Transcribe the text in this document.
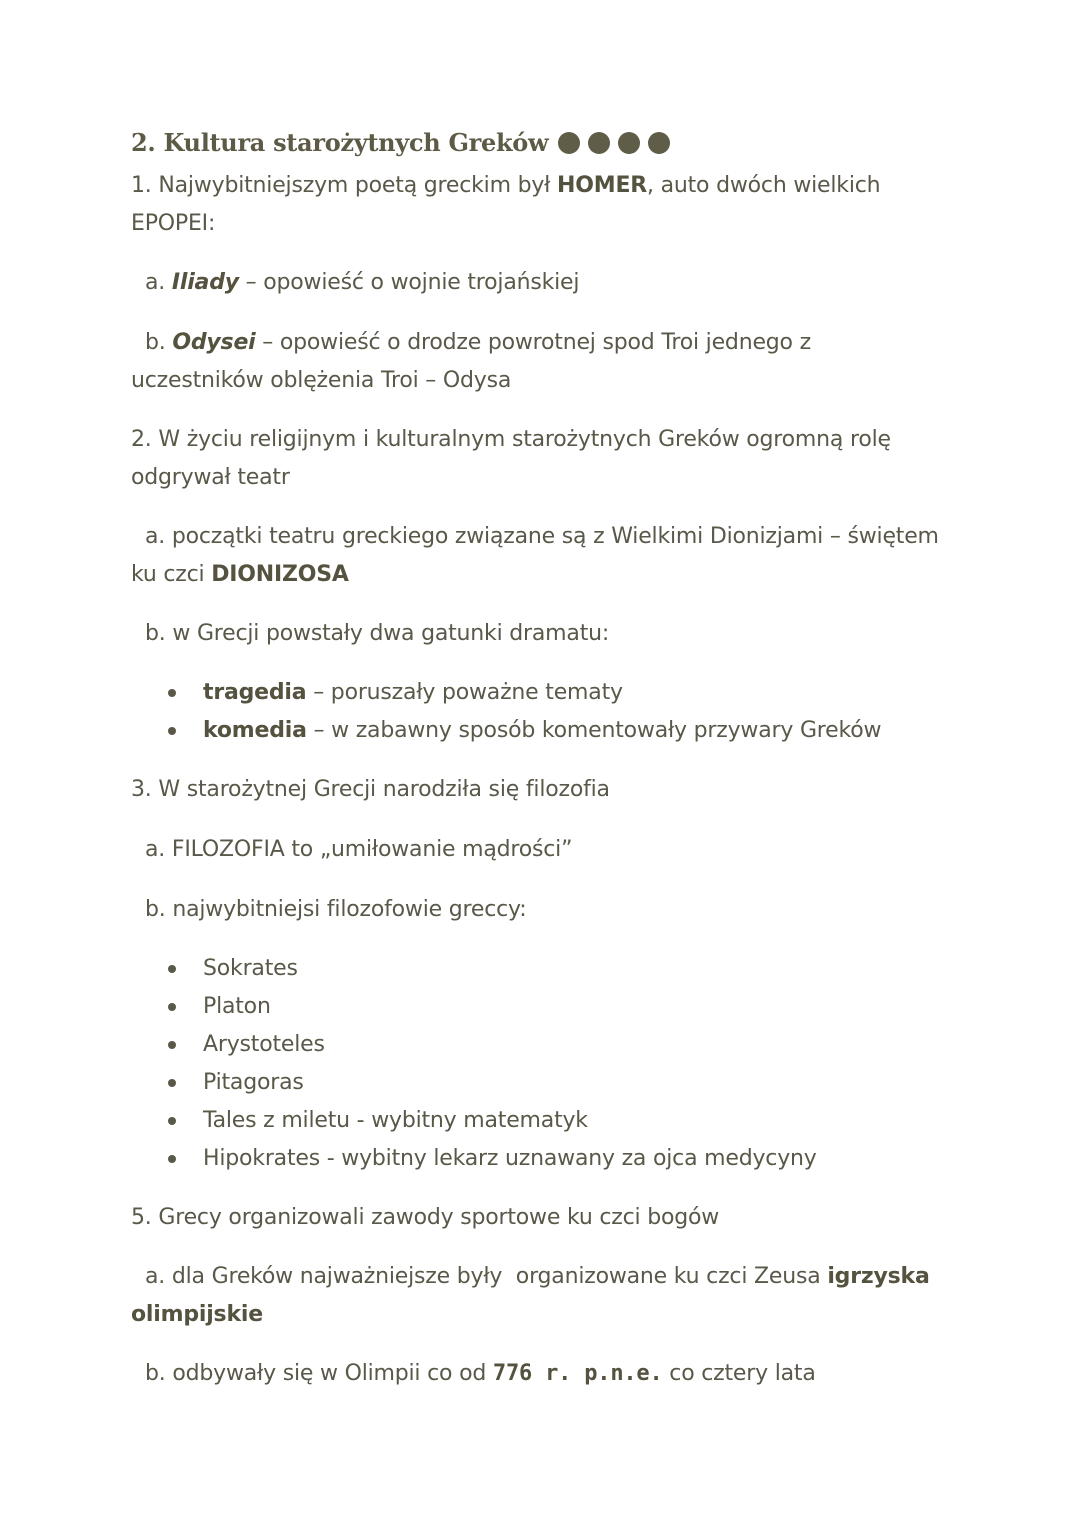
2. Kultura starożytnych Greków
1. Najwybitniejszym poetą greckim był HOMER, auto dwóch wielkich
EPOPEI:
a. Iliady – opowieść o wojnie trojańskiej
b. Odysei – opowieść o drodze powrotnej spod Troi jednego z
uczestników oblężenia Troi – Odysa
2. W życiu religijnym i kulturalnym starożytnych Greków ogromną rolę
odgrywał teatr
a. początki teatru greckiego związane są z Wielkimi Dionizjami – świętem
ku czci DIONIZOSA
b. w Grecji powstały dwa gatunki dramatu:
tragedia – poruszały poważne tematy
komedia – w zabawny sposób komentowały przywary Greków
3. W starożytnej Grecji narodziła się filozofia
a. FILOZOFIA to „umiłowanie mądrości”
b. najwybitniejsi filozofowie greccy:
Sokrates
Platon
Arystoteles
Pitagoras
Tales z miletu - wybitny matematyk
Hipokrates - wybitny lekarz uznawany za ojca medycyny
5. Grecy organizowali zawody sportowe ku czci bogów
a. dla Greków najważniejsze były  organizowane ku czci Zeusa igrzyska
olimpijskie
b. odbywały się w Olimpii co od 776 r. p.n.e. co cztery lata
